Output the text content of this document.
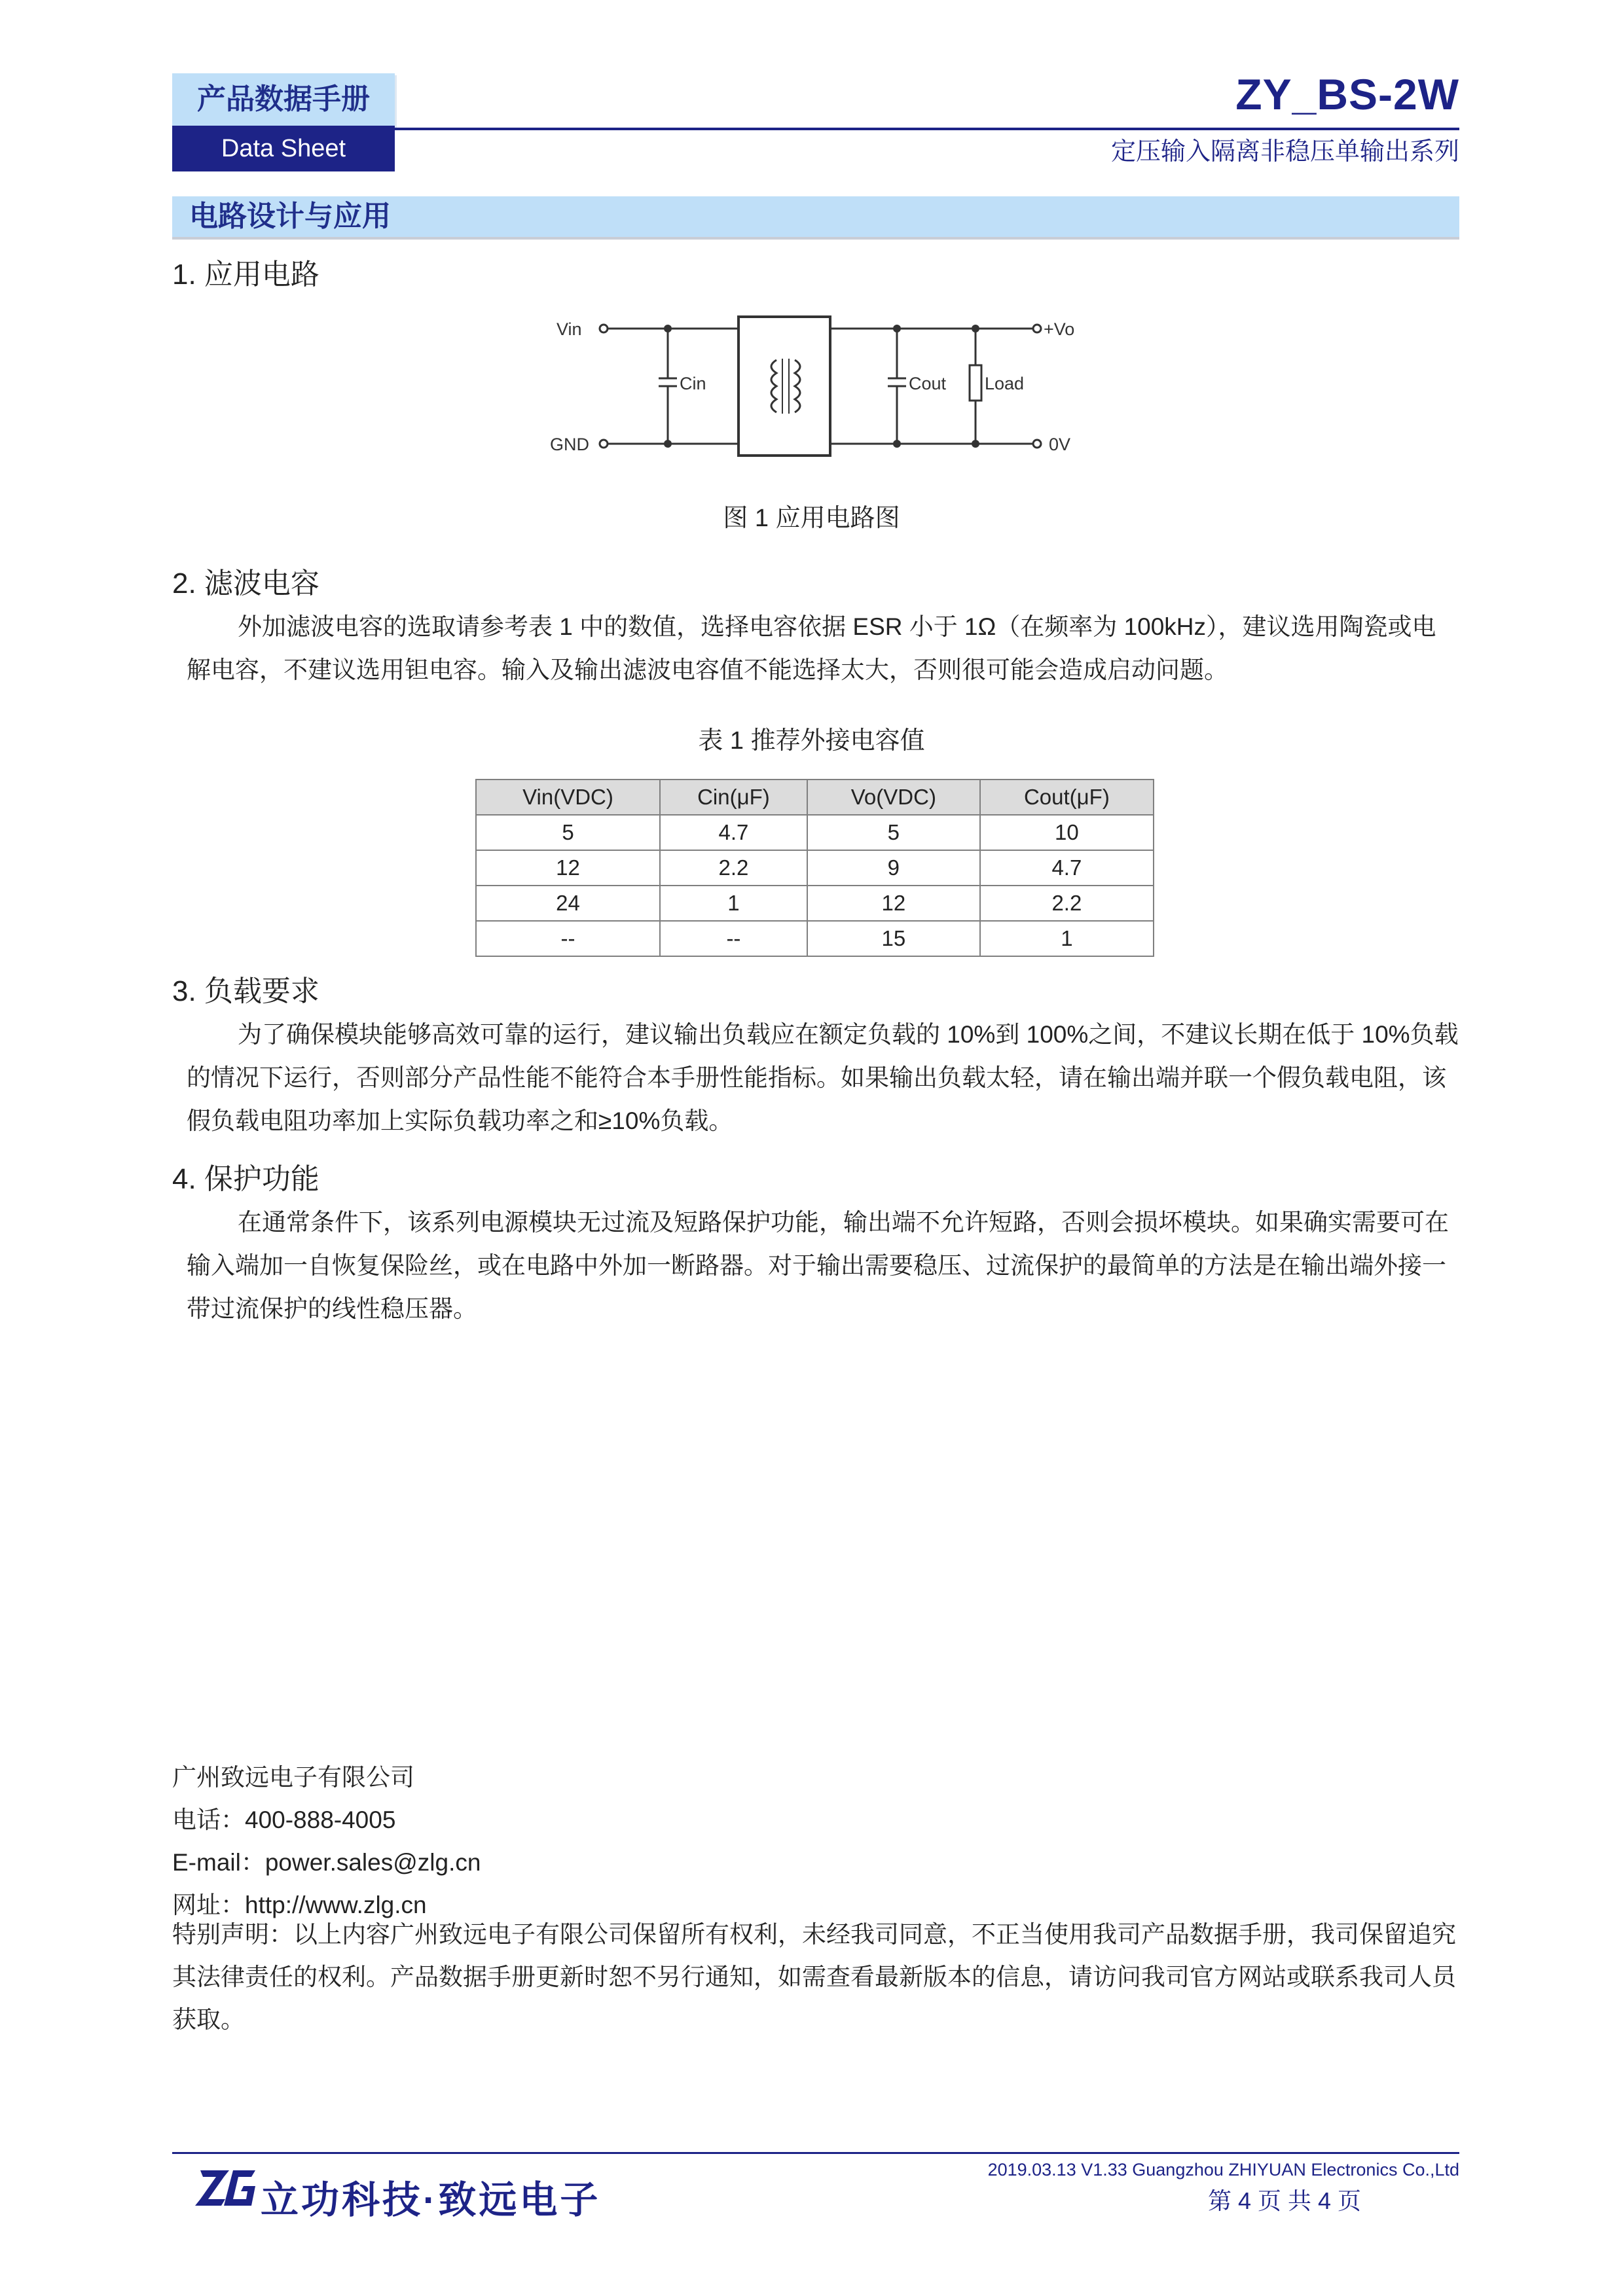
产品数据手册
Data Sheet
ZY_BS-2W
定压输入隔离非稳压单输出系列
电路设计与应用
1. 应用电路
Vin
GND
+Vo
0V
Cin	Cout Load
图 1 应用电路图
2. 滤波电容

外加滤波电容的选取请参考表 1 中的数值，选择电容依据 ESR 小于 1Ω（在频率为 100kHz），建议选用陶瓷或电解电容，不建议选用钽电容。输入及输出滤波电容值不能选择太大，否则很可能会造成启动问题。

表 1 推荐外接电容值
Vin(VDC)	Cin(μF)	Vo(VDC)	Cout(μF)
5	4.7	5	10
12	2.2	9	4.7
24	1	12	2.2
--	--	15	1
3. 负载要求

为了确保模块能够高效可靠的运行，建议输出负载应在额定负载的 10%到 100%之间，不建议长期在低于 10%负载的情况下运行，否则部分产品性能不能符合本手册性能指标。如果输出负载太轻，请在输出端并联一个假负载电阻，该假负载电阻功率加上实际负载功率之和≥10%负载。

4. 保护功能

在通常条件下，该系列电源模块无过流及短路保护功能，输出端不允许短路，否则会损坏模块。如果确实需要可在输入端加一自恢复保险丝，或在电路中外加一断路器。对于输出需要稳压、过流保护的最简单的方法是在输出端外接一带过流保护的线性稳压器。

广州致远电子有限公司
电话：400-888-4005
E-mail：power.sales@zlg.cn
网址：http://www.zlg.cn

特别声明：以上内容广州致远电子有限公司保留所有权利，未经我司同意，不正当使用我司产品数据手册，我司保留追究其法律责任的权利。产品数据手册更新时恕不另行通知，如需查看最新版本的信息，请访问我司官方网站或联系我司人员获取。

立功科技·致远电子
2019.03.13 V1.33 Guangzhou ZHIYUAN Electronics Co.,Ltd
第 4 页 共 4 页
